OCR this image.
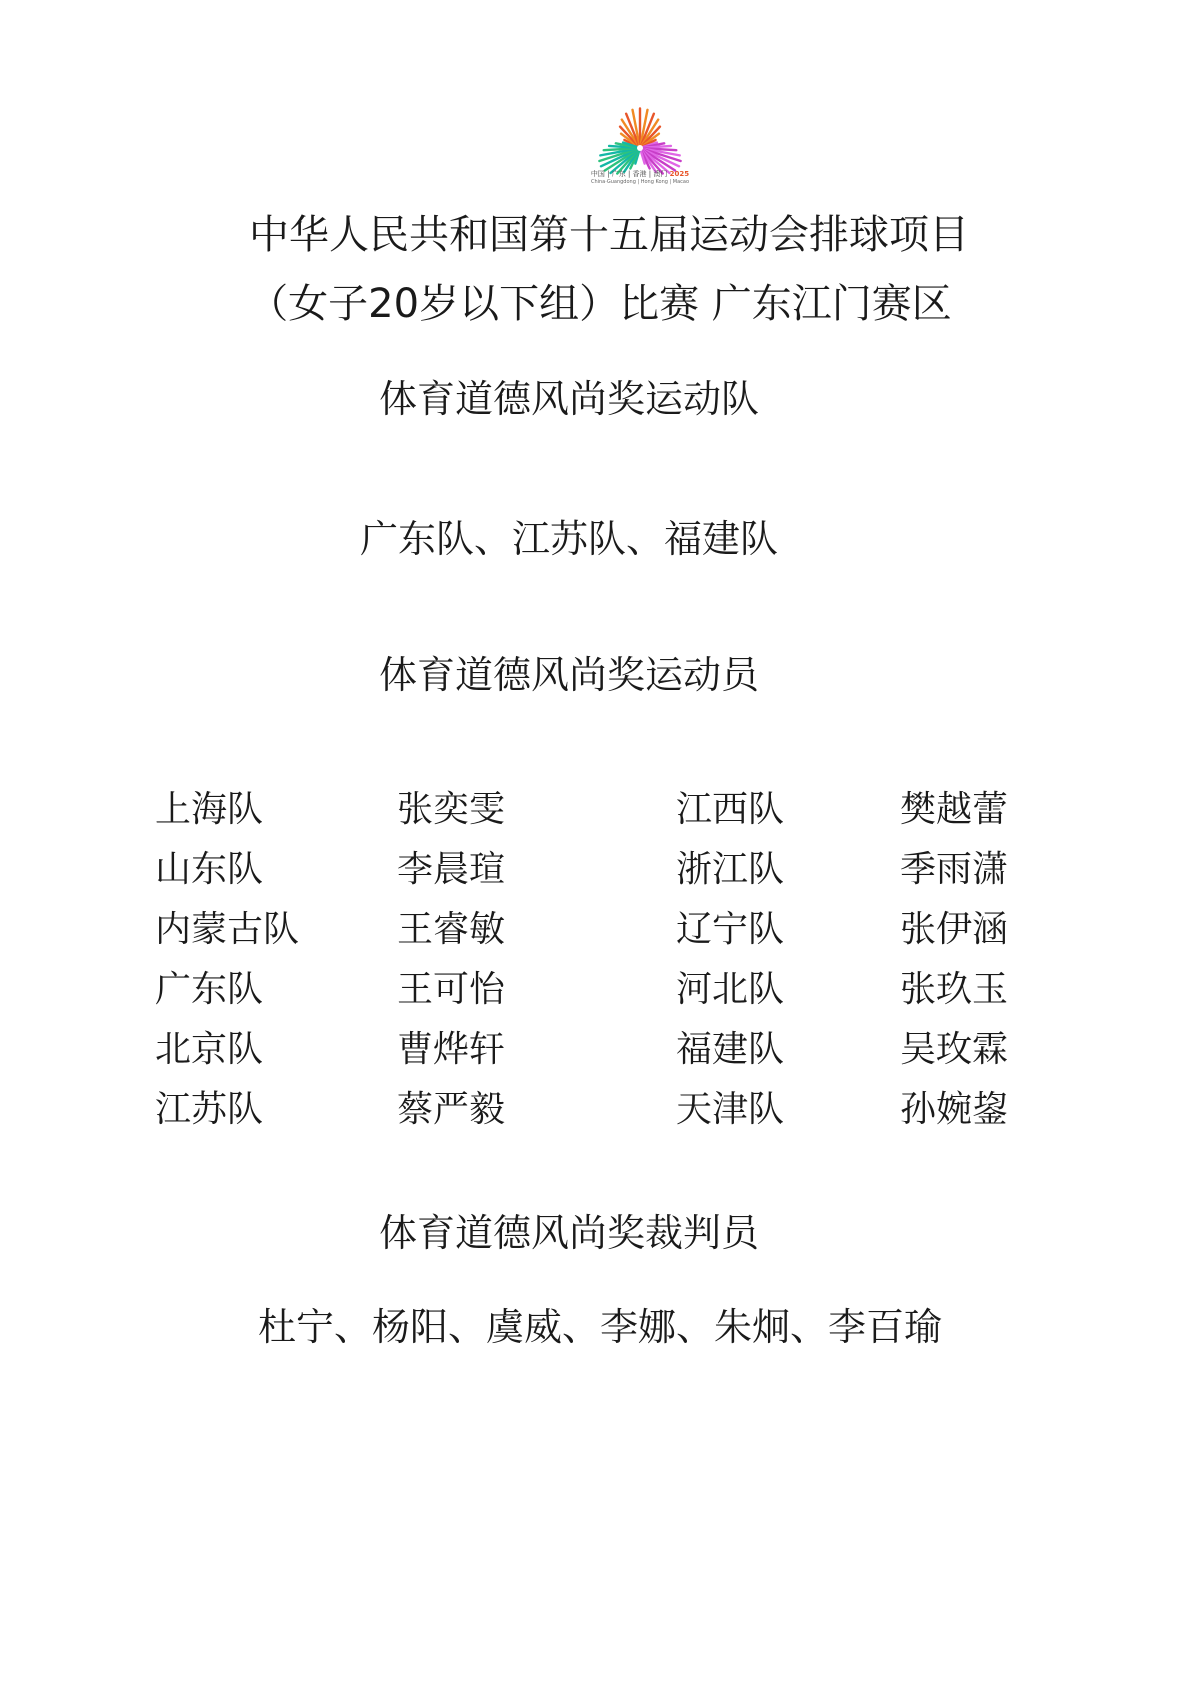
中国 | 广东 | 香港 | 澳门 2025
China·Guangdong | Hong Kong | Macao
中华人民共和国第十五届运动会排球项目
（女子20岁以下组）比赛 广东江门赛区
体育道德风尚奖运动队
广东队、江苏队、福建队
体育道德风尚奖运动员
上海队	张奕雯	江西队	樊越蕾
山东队	李晨瑄	浙江队	季雨潇
内蒙古队	王睿敏	辽宁队	张伊涵
广东队	王可怡	河北队	张玖玉
北京队	曹烨轩	福建队	吴玫霖
江苏队	蔡严毅	天津队	孙婉鋆
体育道德风尚奖裁判员
杜宁、杨阳、虞威、李娜、朱炯、李百瑜
